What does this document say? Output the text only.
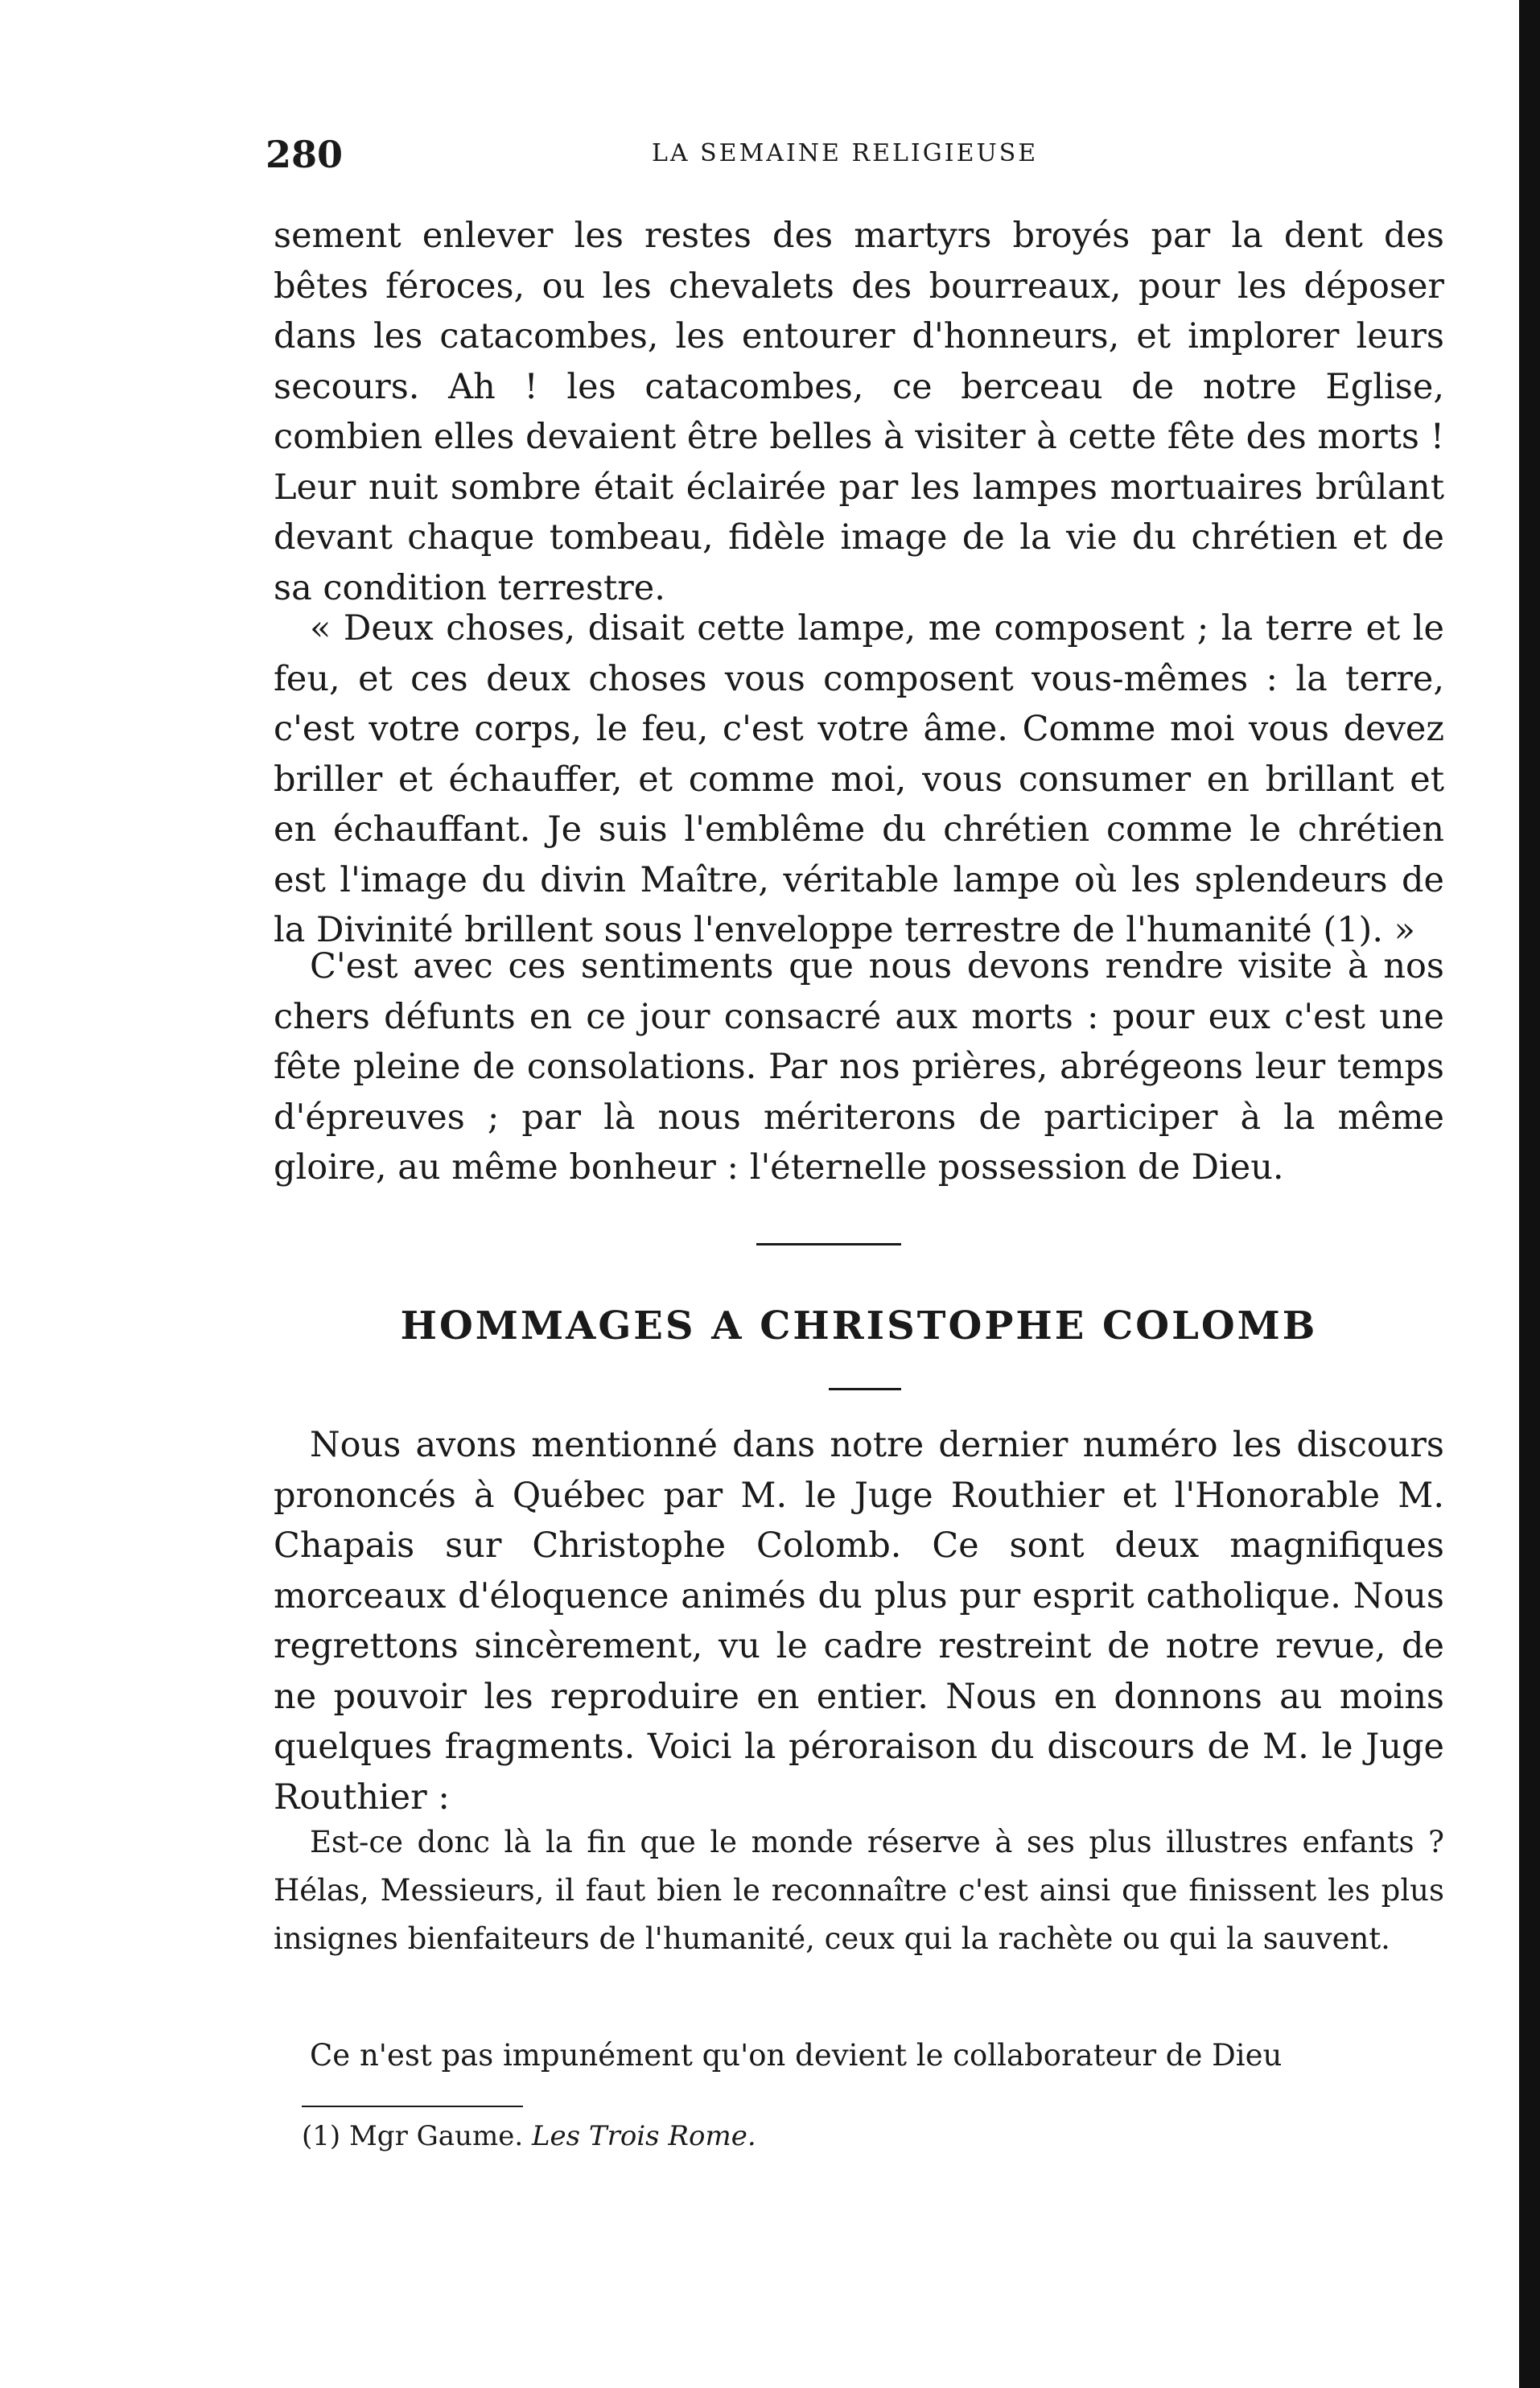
280	LA SEMAINE RELIGIEUSE

sement enlever les restes des martyrs broyés par la dent des bêtes féroces, ou les chevalets des bourreaux, pour les déposer dans les catacombes, les entourer d'honneurs, et implorer leurs secours. Ah ! les catacombes, ce berceau de notre Eglise, combien elles devaient être belles à visiter à cette fête des morts ! Leur nuit sombre était éclairée par les lampes mortuaires brûlant devant chaque tombeau, fidèle image de la vie du chrétien et de sa condition terrestre.

« Deux choses, disait cette lampe, me composent ; la terre et le feu, et ces deux choses vous composent vous-mêmes : la terre, c'est votre corps, le feu, c'est votre âme. Comme moi vous devez briller et échauffer, et comme moi, vous consumer en brillant et en échauffant. Je suis l'emblême du chrétien comme le chrétien est l'image du divin Maître, véritable lampe où les splendeurs de la Divinité brillent sous l'enveloppe terrestre de l'humanité (1). »

C'est avec ces sentiments que nous devons rendre visite à nos chers défunts en ce jour consacré aux morts : pour eux c'est une fête pleine de consolations. Par nos prières, abrégeons leur temps d'épreuves ; par là nous mériterons de participer à la même gloire, au même bonheur : l'éternelle possession de Dieu.

HOMMAGES A CHRISTOPHE COLOMB

Nous avons mentionné dans notre dernier numéro les discours prononcés à Québec par M. le Juge Routhier et l'Honorable M. Chapais sur Christophe Colomb. Ce sont deux magnifiques morceaux d'éloquence animés du plus pur esprit catholique. Nous regrettons sincèrement, vu le cadre restreint de notre revue, de ne pouvoir les reproduire en entier. Nous en donnons au moins quelques fragments. Voici la péroraison du discours de M. le Juge Routhier :

Est-ce donc là la fin que le monde réserve à ses plus illustres enfants ? Hélas, Messieurs, il faut bien le reconnaître c'est ainsi que finissent les plus insignes bienfaiteurs de l'humanité, ceux qui la rachète ou qui la sauvent.

Ce n'est pas impunément qu'on devient le collaborateur de Dieu

(1) Mgr Gaume. Les Trois Rome.
